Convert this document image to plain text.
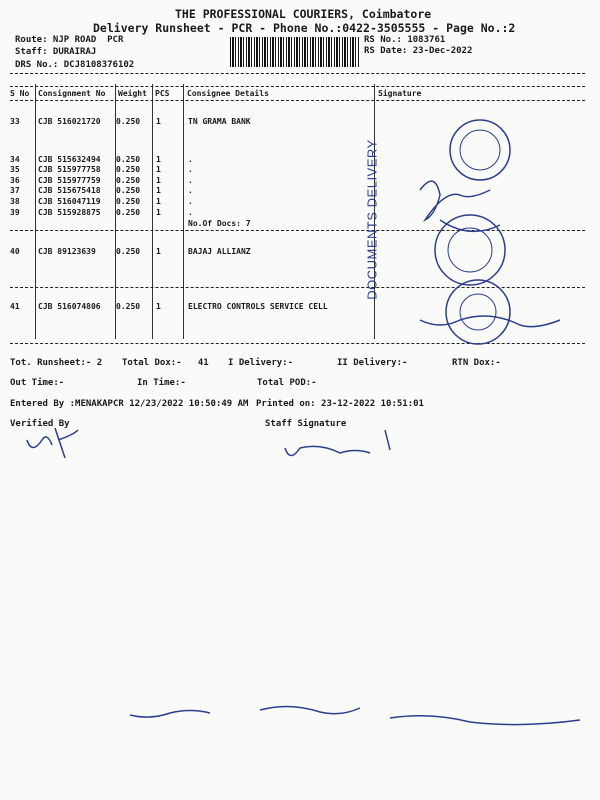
THE PROFESSIONAL COURIERS, Coimbatore
Delivery Runsheet - PCR - Phone No.:0422-3505555 - Page No.:2
Route: NJP ROAD  PCR
Staff: DURAIRAJ
DRS No.: DCJ8108376102
RS No.: 1083761
RS Date: 23-Dec-2022
S No Consignment No Weight PCS Consignee Details	Signature
33 CJB 516021720 0.250 1	TN GRAMA BANK
34 CJB 515632494 0.250 1	.
35 CJB 515977758 0.250 1	.
36 CJB 515977759 0.250 1	.
37 CJB 515675418 0.250 1	.
38 CJB 516047119 0.250 1	.
39 CJB 515928875 0.250 1	.
No.Of Docs: 7
40 CJB 89123639	0.250 1	BAJAJ ALLIANZ
41 CJB 516074806 0.250 1	ELECTRO CONTROLS SERVICE CELL
DOCUMENTS DELIVERY
Tot. Runsheet:- 2 Total Dox:-   41 I Delivery:-	II Delivery:-	RTN Dox:-
Out Time:-	In Time:-	Total POD:-
Entered By :MENAKAPCR 12/23/2022 10:50:49 AM Printed on: 23-12-2022 10:51:01
Verified By	Staff Signature
